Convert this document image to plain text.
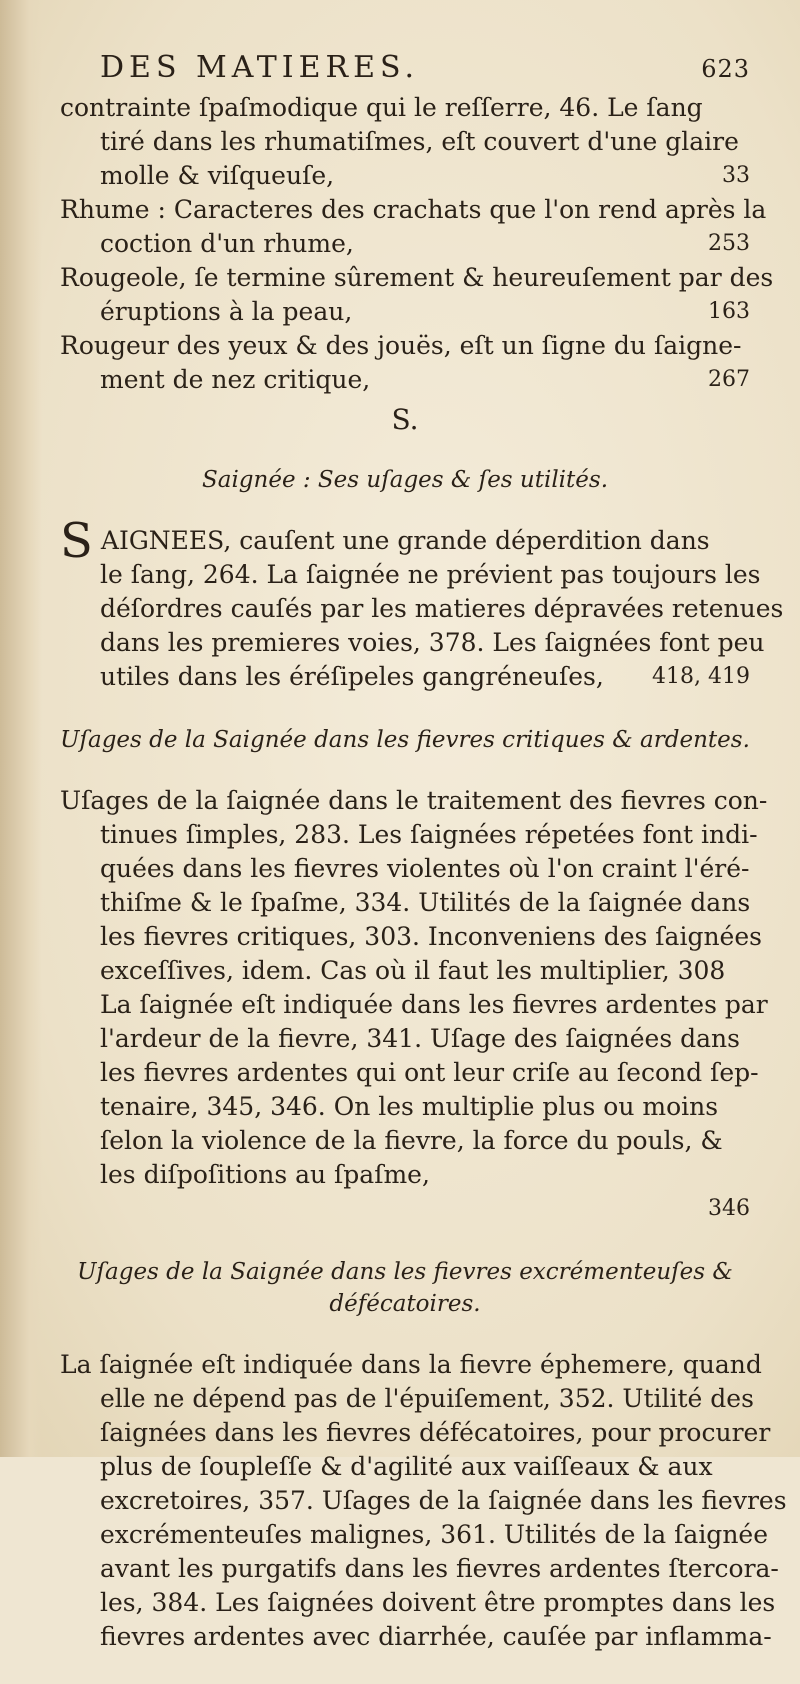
DES MATIERES.	623
contrainte ſpaſmodique qui le reſſerre, 46. Le ſang
tiré dans les rhumatiſmes, eſt couvert d'une glaire
molle & viſqueuſe,	33
Rhume : Caracteres des crachats que l'on rend après la
coction d'un rhume,	253
Rougeole, ſe termine sûrement & heureuſement par des
éruptions à la peau,	163
Rougeur des yeux & des jouës, eſt un ſigne du ſaigne-
ment de nez critique,	267
S.
Saignée : Ses uſages & ſes utilités.
SAIGNEES, cauſent une grande déperdition dans
le ſang, 264. La ſaignée ne prévient pas toujours les
déſordres cauſés par les matieres dépravées retenues
dans les premieres voies, 378. Les ſaignées font peu
utiles dans les éréſipeles gangréneuſes, 418, 419
Uſages de la Saignée dans les fievres critiques & ardentes.
Uſages de la ſaignée dans le traitement des fievres con-
tinues ſimples, 283. Les ſaignées répetées font indi-
quées dans les fievres violentes où l'on craint l'éré-
thiſme & le ſpaſme, 334. Utilités de la ſaignée dans
les fievres critiques, 303. Inconveniens des ſaignées
exceſſives, idem. Cas où il faut les multiplier, 308
La ſaignée eſt indiquée dans les fievres ardentes par
l'ardeur de la fievre, 341. Uſage des ſaignées dans
les fievres ardentes qui ont leur criſe au ſecond ſep-
tenaire, 345, 346. On les multiplie plus ou moins
ſelon la violence de la fievre, la force du pouls, &
les diſpoſitions au ſpaſme,
346
Uſages de la Saignée dans les fievres excrémenteuſes & défécatoires.
La ſaignée eſt indiquée dans la fievre éphemere, quand
elle ne dépend pas de l'épuiſement, 352. Utilité des
ſaignées dans les fievres défécatoires, pour procurer
plus de ſoupleſſe & d'agilité aux vaiſſeaux & aux
excretoires, 357. Uſages de la ſaignée dans les fievres
excrémenteuſes malignes, 361. Utilités de la ſaignée
avant les purgatifs dans les fievres ardentes ſtercora-
les, 384. Les ſaignées doivent être promptes dans les
fievres ardentes avec diarrhée, cauſée par inflamma-
